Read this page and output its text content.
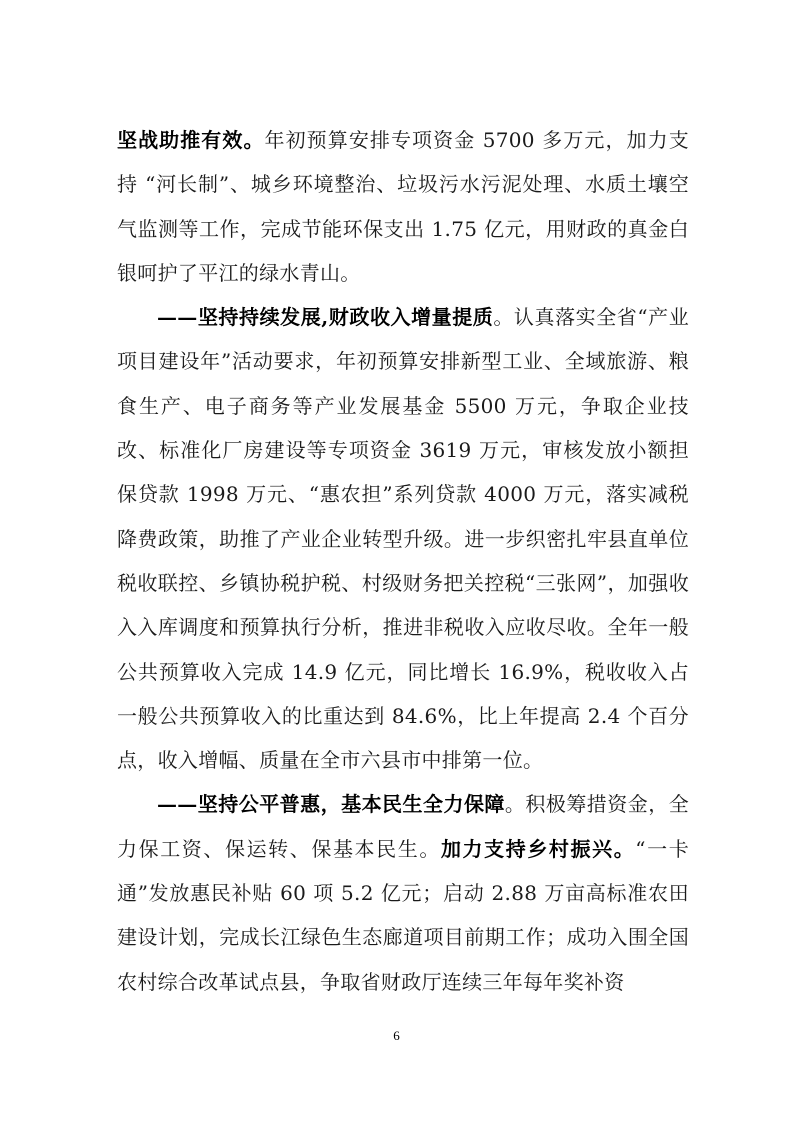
坚战助推有效。年初预算安排专项资金 5700 多万元，加力支持 “河长制”、城乡环境整治、垃圾污水污泥处理、水质土壤空气监测等工作，完成节能环保支出 1.75 亿元，用财政的真金白银呵护了平江的绿水青山。

——坚持持续发展,财政收入增量提质。认真落实全省“产业项目建设年”活动要求，年初预算安排新型工业、全域旅游、粮食生产、电子商务等产业发展基金 5500 万元，争取企业技改、标准化厂房建设等专项资金 3619 万元，审核发放小额担保贷款 1998 万元、“惠农担”系列贷款 4000 万元，落实减税降费政策，助推了产业企业转型升级。进一步织密扎牢县直单位税收联控、乡镇协税护税、村级财务把关控税“三张网”，加强收入入库调度和预算执行分析，推进非税收入应收尽收。全年一般公共预算收入完成 14.9 亿元，同比增长 16.9%，税收收入占一般公共预算收入的比重达到 84.6%，比上年提高 2.4 个百分点，收入增幅、质量在全市六县市中排第一位。

——坚持公平普惠，基本民生全力保障。积极筹措资金，全力保工资、保运转、保基本民生。加力支持乡村振兴。“一卡通”发放惠民补贴 60 项 5.2 亿元；启动 2.88 万亩高标准农田建设计划，完成长江绿色生态廊道项目前期工作；成功入围全国农村综合改革试点县，争取省财政厅连续三年每年奖补资

6
